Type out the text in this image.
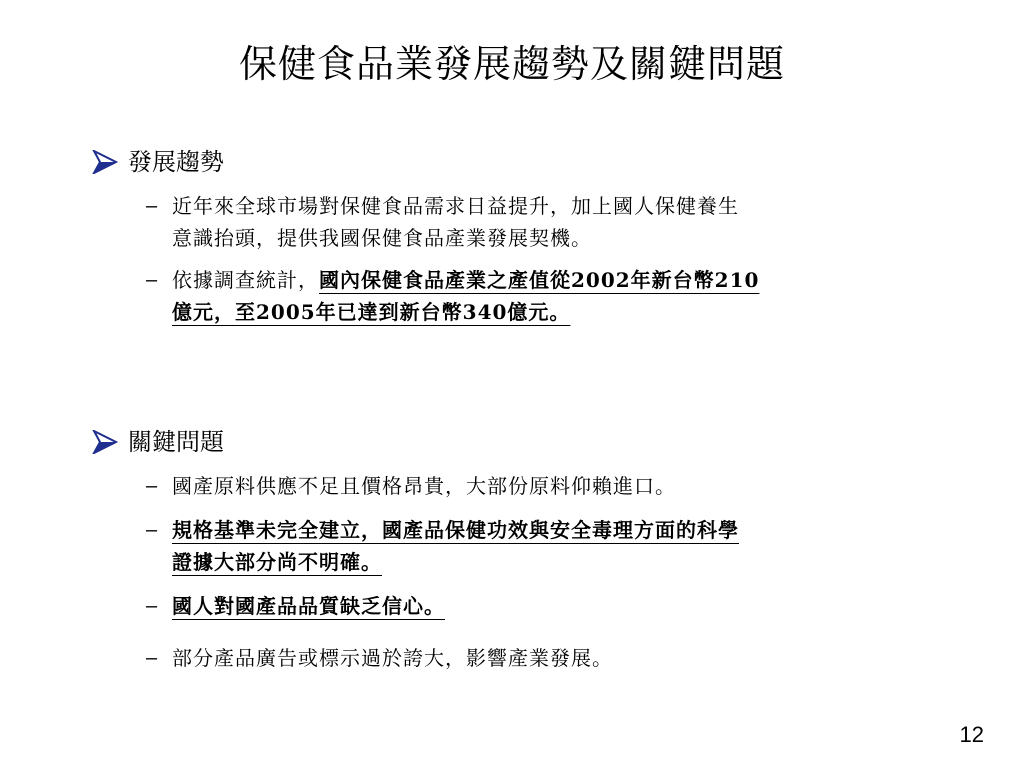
保健食品業發展趨勢及關鍵問題
發展趨勢
– 近年來全球市場對保健食品需求日益提升，加上國人保健養生
意識抬頭，提供我國保健食品產業發展契機。
– 依據調查統計，國內保健食品產業之產值從2002年新台幣210
億元，至2005年已達到新台幣340億元。
關鍵問題
– 國產原料供應不足且價格昂貴，大部份原料仰賴進口。
– 規格基準未完全建立，國產品保健功效與安全毒理方面的科學
證據大部分尚不明確。
– 國人對國產品品質缺乏信心。
– 部分產品廣告或標示過於誇大，影響產業發展。
12
